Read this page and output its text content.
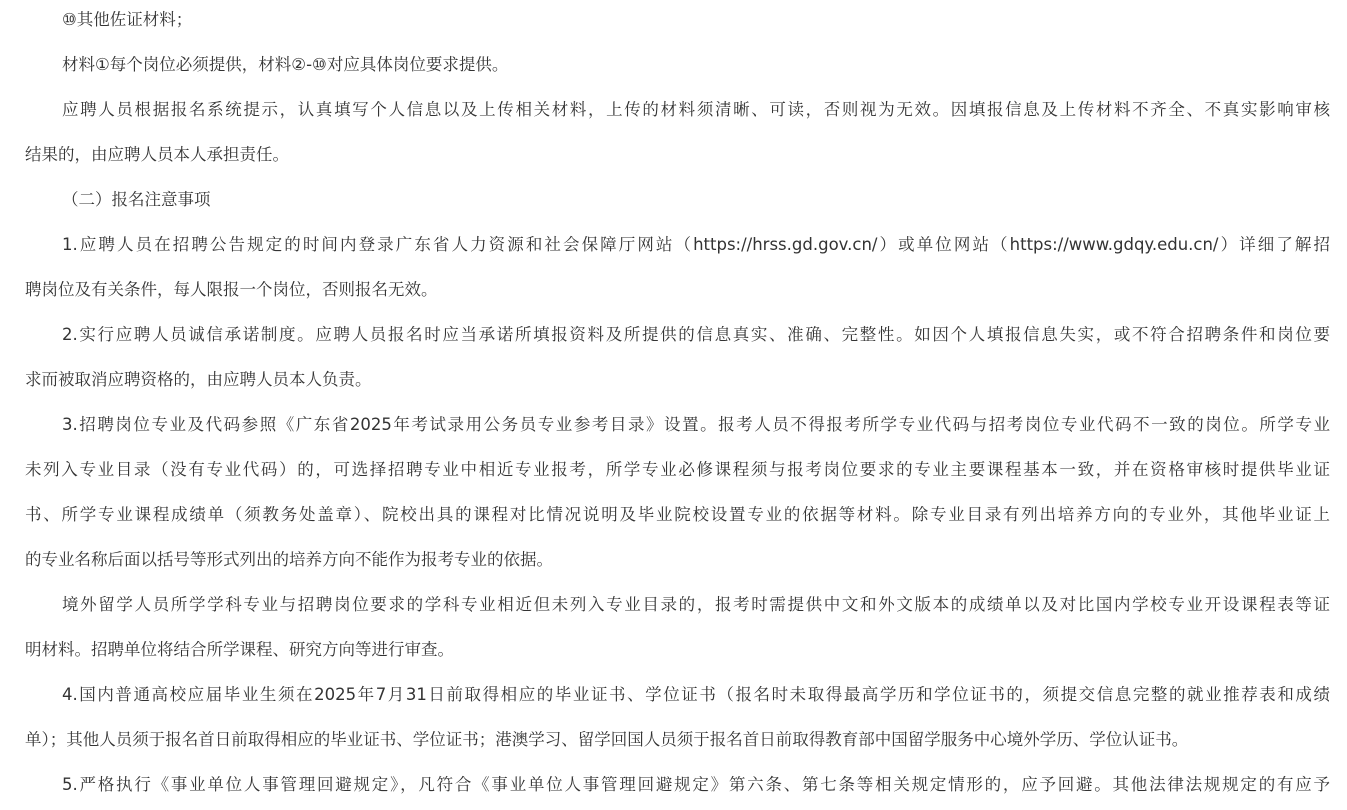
⑩其他佐证材料；

材料①每个岗位必须提供，材料②-⑩对应具体岗位要求提供。

应聘人员根据报名系统提示，认真填写个人信息以及上传相关材料，上传的材料须清晰、可读，否则视为无效。因填报信息及上传材料不齐全、不真实影响审核
结果的，由应聘人员本人承担责任。

（二）报名注意事项

1.应聘人员在招聘公告规定的时间内登录广东省人力资源和社会保障厅网站（https://hrss.gd.gov.cn/）或单位网站（https://www.gdqy.edu.cn/）详细了解招
聘岗位及有关条件，每人限报一个岗位，否则报名无效。

2.实行应聘人员诚信承诺制度。应聘人员报名时应当承诺所填报资料及所提供的信息真实、准确、完整性。如因个人填报信息失实，或不符合招聘条件和岗位要
求而被取消应聘资格的，由应聘人员本人负责。

3.招聘岗位专业及代码参照《广东省2025年考试录用公务员专业参考目录》设置。报考人员不得报考所学专业代码与招考岗位专业代码不一致的岗位。所学专业
未列入专业目录（没有专业代码）的，可选择招聘专业中相近专业报考，所学专业必修课程须与报考岗位要求的专业主要课程基本一致，并在资格审核时提供毕业证
书、所学专业课程成绩单（须教务处盖章）、院校出具的课程对比情况说明及毕业院校设置专业的依据等材料。除专业目录有列出培养方向的专业外，其他毕业证上
的专业名称后面以括号等形式列出的培养方向不能作为报考专业的依据。

境外留学人员所学学科专业与招聘岗位要求的学科专业相近但未列入专业目录的，报考时需提供中文和外文版本的成绩单以及对比国内学校专业开设课程表等证
明材料。招聘单位将结合所学课程、研究方向等进行审查。

4.国内普通高校应届毕业生须在2025年7月31日前取得相应的毕业证书、学位证书（报名时未取得最高学历和学位证书的，须提交信息完整的就业推荐表和成绩
单）；其他人员须于报名首日前取得相应的毕业证书、学位证书；港澳学习、留学回国人员须于报名首日前取得教育部中国留学服务中心境外学历、学位认证书。

5.严格执行《事业单位人事管理回避规定》，凡符合《事业单位人事管理回避规定》第六条、第七条等相关规定情形的，应予回避。其他法律法规规定的有应予
